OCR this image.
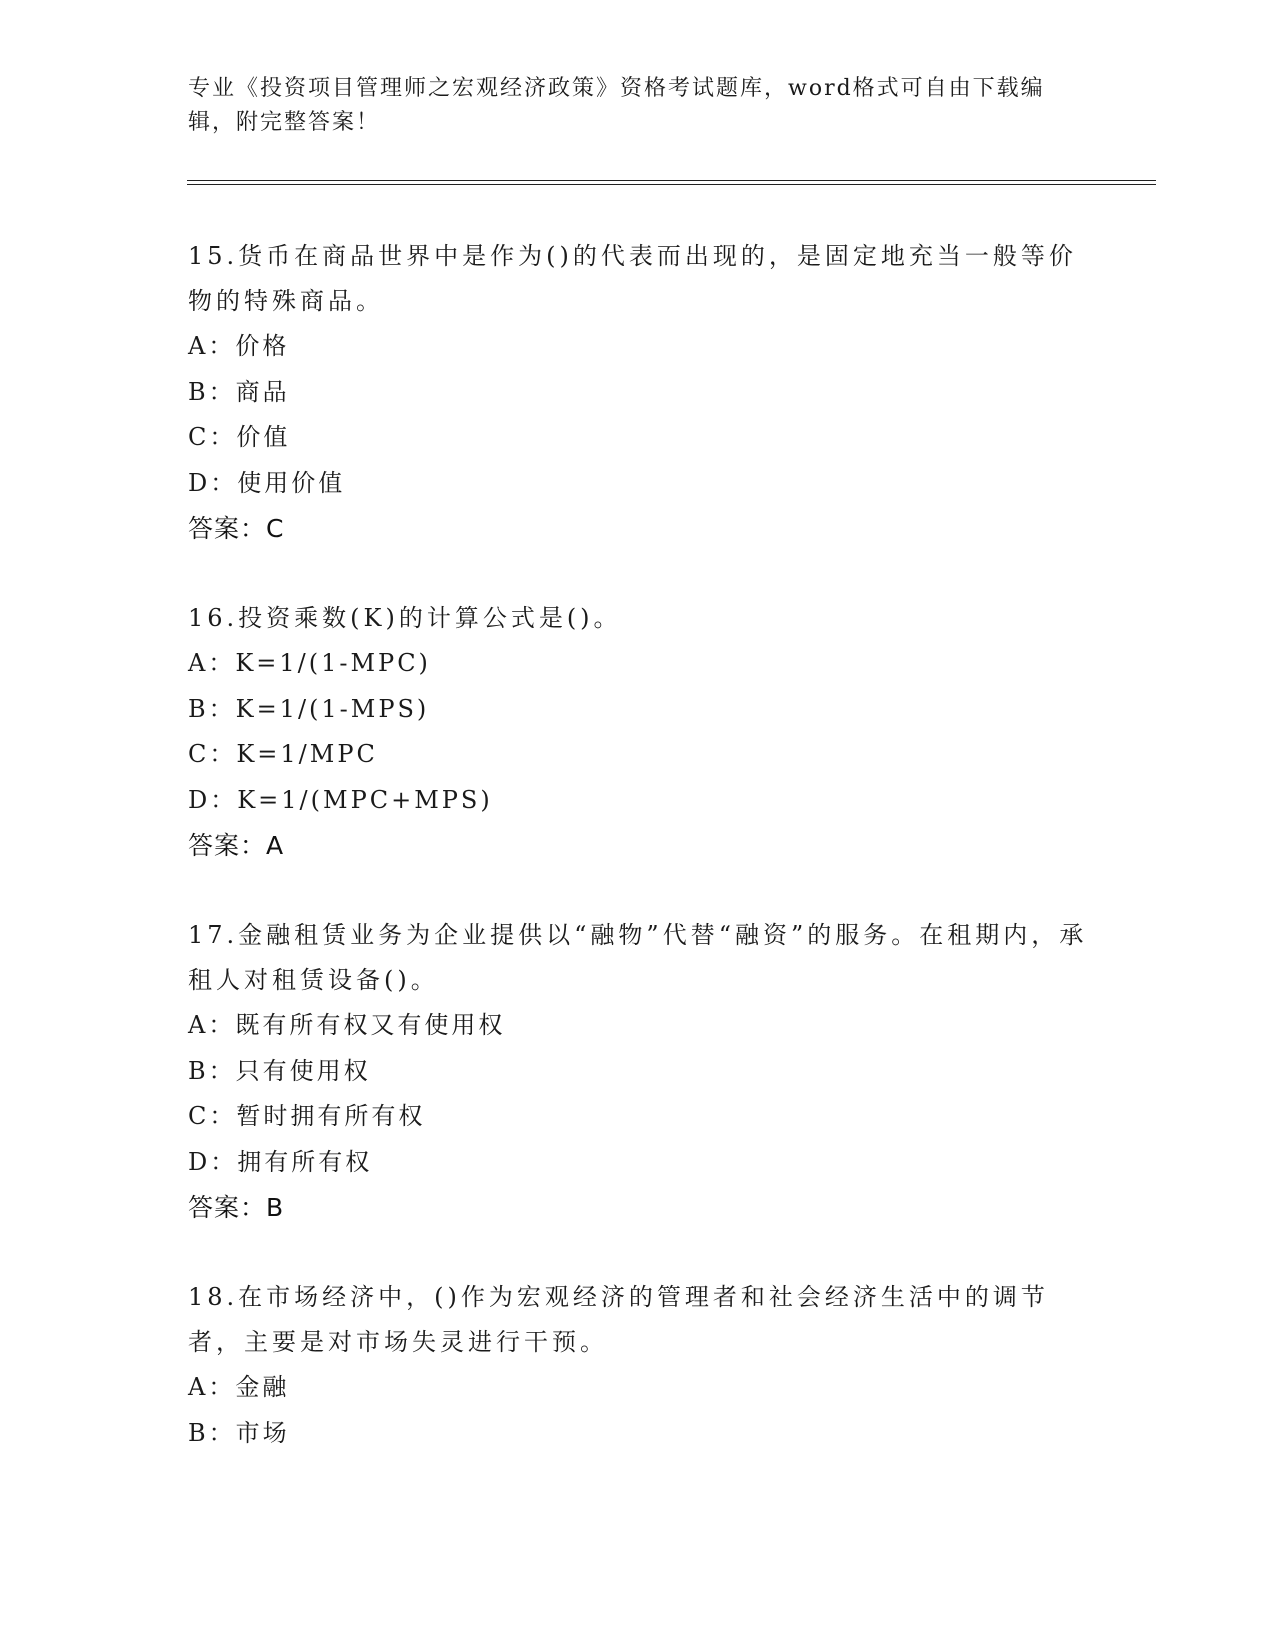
专业《投资项目管理师之宏观经济政策》资格考试题库，word格式可自由下载编辑，附完整答案！
15.货币在商品世界中是作为()的代表而出现的，是固定地充当一般等价物的特殊商品。
A：价格
B：商品
C：价值
D：使用价值
答案：C
16.投资乘数(K)的计算公式是()。
A：K=1/(1-MPC)
B：K=1/(1-MPS)
C：K=1/MPC
D：K=1/(MPC+MPS)
答案：A
17.金融租赁业务为企业提供以“融物”代替“融资”的服务。在租期内，承租人对租赁设备()。
A：既有所有权又有使用权
B：只有使用权
C：暂时拥有所有权
D：拥有所有权
答案：B
18.在市场经济中，()作为宏观经济的管理者和社会经济生活中的调节者，主要是对市场失灵进行干预。
A：金融
B：市场
